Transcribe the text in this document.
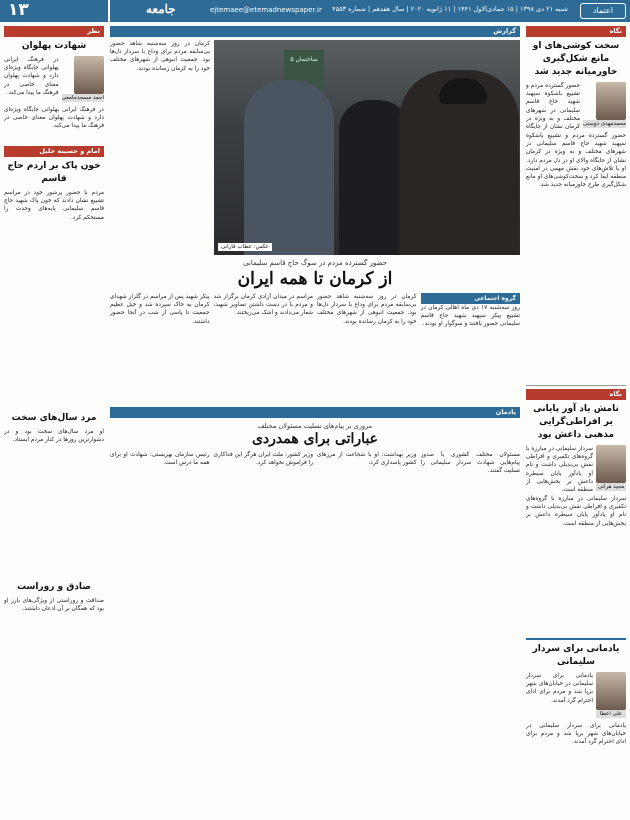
اعتماد
شنبه ۲۱ دی ۱۳۹۸ | ۱۵ جمادی‌الاول ۱۴۴۱ | ۱۱ ژانویه ۲۰۲۰ | سال هفدهم | شماره ۴۵۵۳
ejtemaee@etemadnewspaper.ir
جامعه
۱۳
نگاه
سخت کوشی‌های او مانع شکل‌گیری خاورمیانه جدید شد
محمدمهدی دوستی
حضور گسترده مردم و تشییع باشکوه سپهبد شهید حاج قاسم سلیمانی در شهرهای مختلف و به ویژه در کرمان نشان از جایگاه
حضور گسترده مردم و تشییع باشکوه سپهبد شهید حاج قاسم سلیمانی در شهرهای مختلف و به ویژه در کرمان نشان از جایگاه والای او در دل مردم دارد. او با تلاش‌های خود نقش مهمی در امنیت منطقه ایفا کرد و سخت‌کوشی‌های او مانع شکل‌گیری طرح خاورمیانه جدید شد.
نگاه
نامش یاد آور پایانی بر افراطی‌گرایی مذهبی داعش بود
مجید هراتی
سردار سلیمانی در مبارزه با گروه‌های تکفیری و افراطی نقش بی‌بدیلی داشت و نام او یادآور پایان سیطره داعش بر بخش‌هایی از منطقه است.
سردار سلیمانی در مبارزه با گروه‌های تکفیری و افراطی نقش بی‌بدیلی داشت و نام او یادآور پایان سیطره داعش بر بخش‌هایی از منطقه است.
یادمانی برای سردار سلیمانی
علی اعطا
یادمانی برای سردار سلیمانی در خیابان‌های شهر برپا شد و مردم برای ادای احترام گرد آمدند.
یادمانی برای سردار سلیمانی در خیابان‌های شهر برپا شد و مردم برای ادای احترام گرد آمدند.
گزارش
ساختمان ۵
عکس: عطاب قارانی
کرمان در روز سه‌شنبه شاهد حضور بی‌سابقه مردم برای وداع با سردار دل‌ها بود. جمعیت انبوهی از شهرهای مختلف خود را به کرمان رسانده بودند.
حضور گسترده مردم در سوگ حاج قاسم سلیمانی
از کرمان تا همه ایران
گروه اجتماعی
روز سه‌شنبه ۱۷ دی ماه اهالی کرمان در تشییع پیکر سپهبد شهید حاج قاسم سلیمانی حضور یافتند و سوگوار او بودند.
کرمان در روز سه‌شنبه شاهد حضور بی‌سابقه مردم برای وداع با سردار دل‌ها بود. جمعیت انبوهی از شهرهای مختلف خود را به کرمان رسانده بودند.
مراسم در میدان آزادی کرمان برگزار شد و مردم با در دست داشتن تصاویر شهید، شعار می‌دادند و اشک می‌ریختند.
پیکر شهید پس از مراسم در گلزار شهدای کرمان به خاک سپرده شد و خیل عظیم جمعیت تا پاسی از شب در آنجا حضور داشتند.
یادمان
مروری بر پیام‌های تسلیت مسئولان مختلف
عباراتی برای همدردی
مسئولان مختلف کشوری با صدور پیام‌هایی شهادت سردار سلیمانی را تسلیت گفتند.
وزیر بهداشت: او با شجاعت از مرزهای کشور پاسداری کرد.
وزیر کشور: ملت ایران هرگز این فداکاری را فراموش نخواهد کرد.
رئیس سازمان بهزیستی: شهادت او برای همه ما درس است.
نظر
شهادت پهلوان
احمد مسجدجامعی
در فرهنگ ایرانی پهلوانی جایگاه ویژه‌ای دارد و شهادت پهلوان معنای خاصی در فرهنگ ما پیدا می‌کند.
در فرهنگ ایرانی پهلوانی جایگاه ویژه‌ای دارد و شهادت پهلوان معنای خاصی در فرهنگ ما پیدا می‌کند.
امام و حسینه خلیل
خون پاک بر اردم حاج قاسم
مردم با حضور پرشور خود در مراسم تشییع نشان دادند که خون پاک شهید حاج قاسم سلیمانی پایه‌های وحدت را مستحکم کرد.
مرد سال‌های سخت
او مرد سال‌های سخت بود و در دشوارترین روزها در کنار مردم ایستاد.
صادق و روراست
صداقت و روراستی از ویژگی‌های بارز او بود که همگان بر آن اذعان داشتند.
